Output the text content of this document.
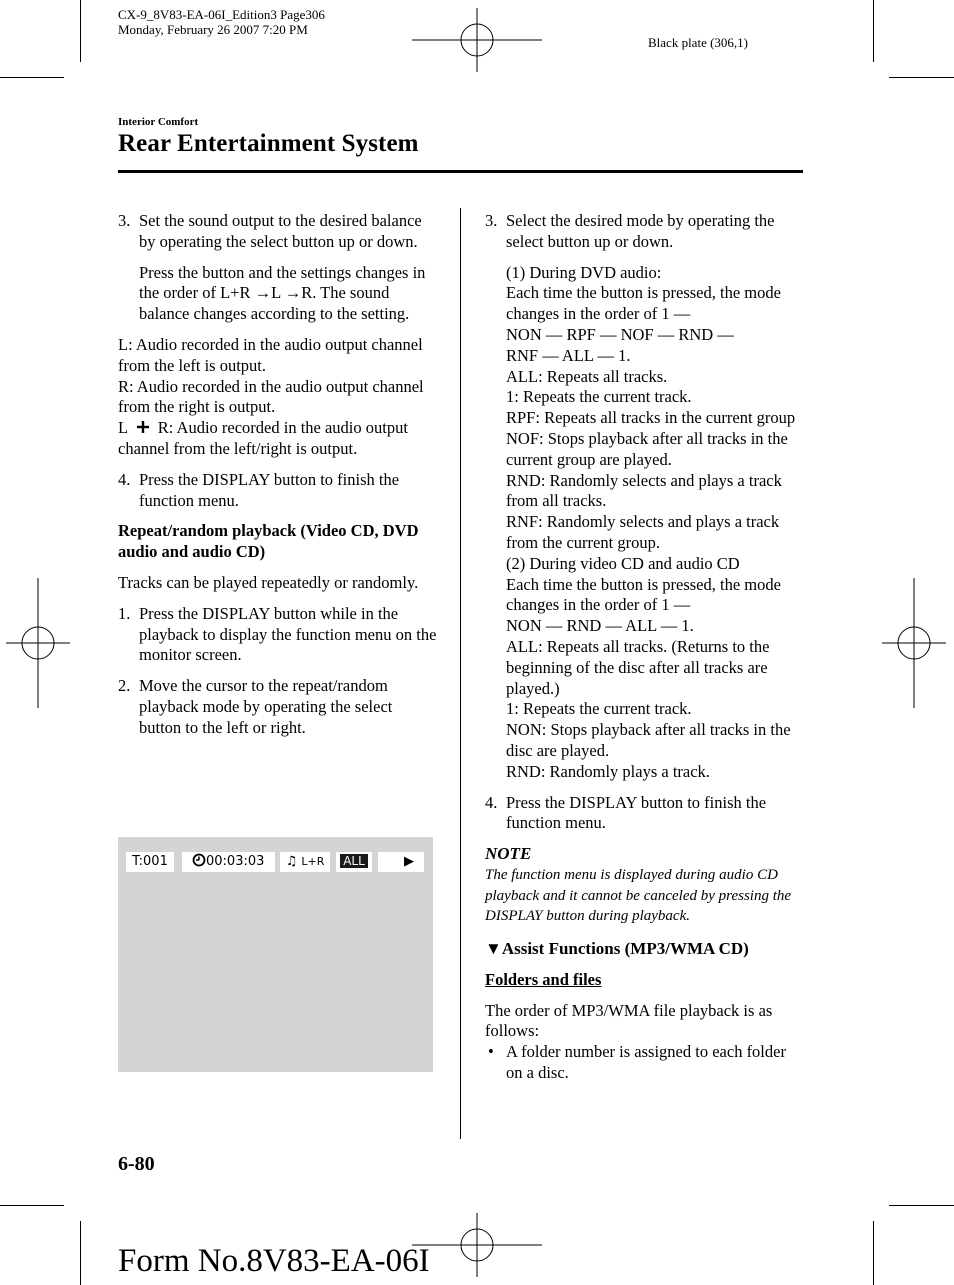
CX-9_8V83-EA-06I_Edition3 Page306
Monday, February 26 2007 7:20 PM
Black plate (306,1)
Interior Comfort
Rear Entertainment System
3. Set the sound output to the desired balance by operating the select button up or down.

Press the button and the settings changes in the order of L+R →L →R. The sound balance changes according to the setting.

L: Audio recorded in the audio output channel from the left is output.

R: Audio recorded in the audio output channel from the right is output.

L R: Audio recorded in the audio output channel from the left/right is output.

4. Press the DISPLAY button to finish the function menu.

Repeat/random playback (Video CD, DVD audio and audio CD)

Tracks can be played repeatedly or randomly.

1. Press the DISPLAY button while in the playback to display the function menu on the monitor screen.

2. Move the cursor to the repeat/random playback mode by operating the select button to the left or right.

T:001	00:03:03	♫ L+R	ALL	▶
3. Select the desired mode by operating the select button up or down.

(1) During DVD audio:

Each time the button is pressed, the mode changes in the order of 1 ―

NON ― RPF ― NOF ― RND ―

RNF ― ALL ― 1.

ALL: Repeats all tracks.

1: Repeats the current track.

RPF: Repeats all tracks in the current group

NOF: Stops playback after all tracks in the current group are played.

RND: Randomly selects and plays a track from all tracks.

RNF: Randomly selects and plays a track from the current group.

(2) During video CD and audio CD

Each time the button is pressed, the mode changes in the order of 1 ―

NON ― RND ― ALL ― 1.

ALL: Repeats all tracks. (Returns to the beginning of the disc after all tracks are played.)

1: Repeats the current track.

NON: Stops playback after all tracks in the disc are played.

RND: Randomly plays a track.

4. Press the DISPLAY button to finish the function menu.

NOTE

The function menu is displayed during audio CD playback and it cannot be canceled by pressing the DISPLAY button during playback.

▼Assist Functions (MP3/WMA CD)

Folders and files

The order of MP3/WMA file playback is as follows:

• A folder number is assigned to each folder on a disc.

6-80
Form No.8V83-EA-06I
